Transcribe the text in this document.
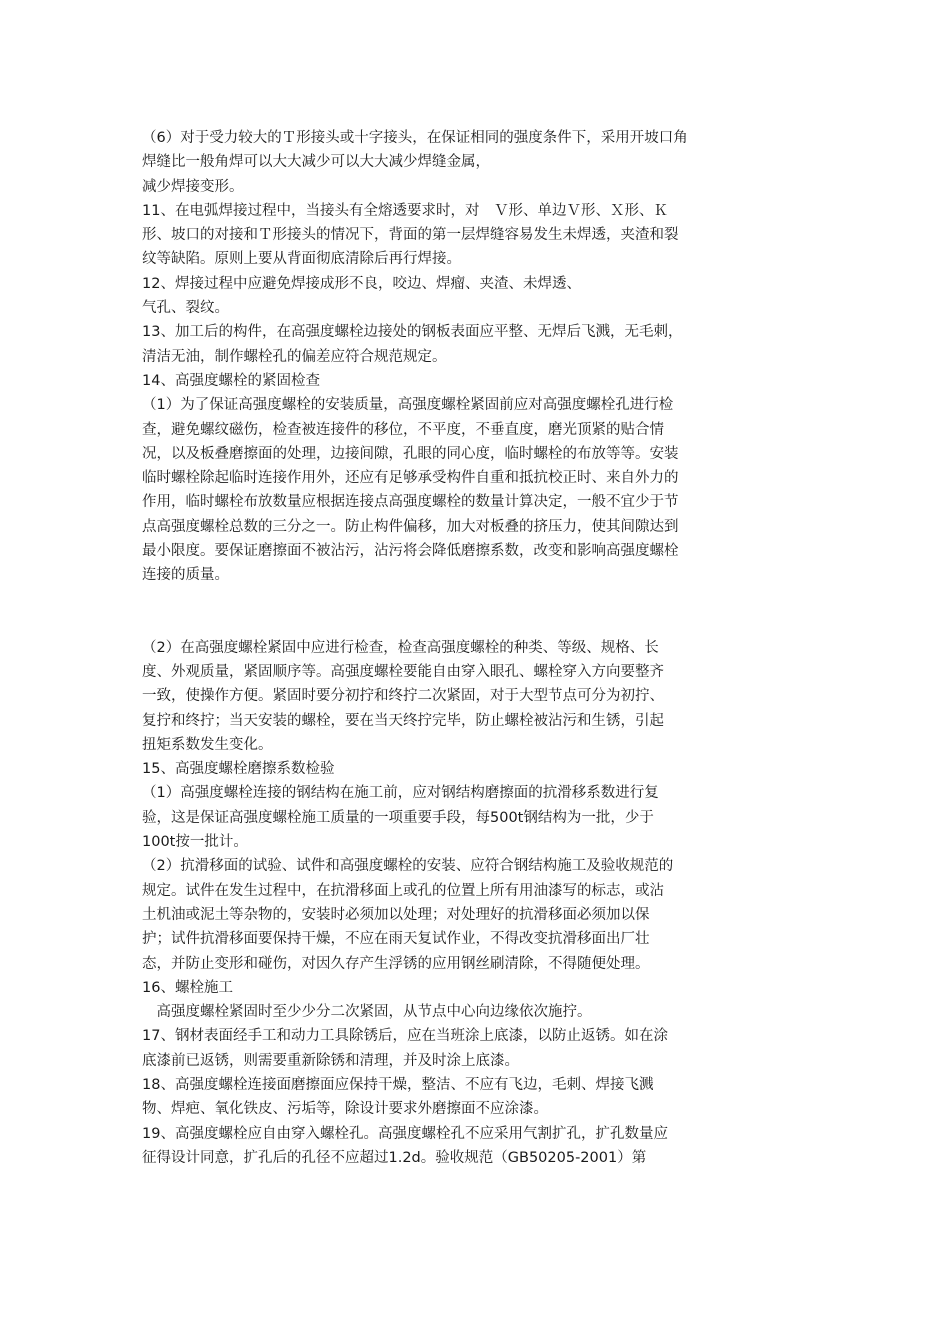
（6）对于受力较大的Ｔ形接头或十字接头，在保证相同的强度条件下，采用开坡口角
焊缝比一般角焊可以大大减少可以大大减少焊缝金属，
减少焊接变形。
11、在电弧焊接过程中，当接头有全熔透要求时，对　Ｖ形、单边Ｖ形、Ｘ形、Ｋ
形、坡口的对接和Ｔ形接头的情况下，背面的第一层焊缝容易发生未焊透，夹渣和裂
纹等缺陷。原则上要从背面彻底清除后再行焊接。
12、焊接过程中应避免焊接成形不良，咬边、焊瘤、夹渣、未焊透、
气孔、裂纹。
13、加工后的构件，在高强度螺栓边接处的钢板表面应平整、无焊后飞溅，无毛刺，
清洁无油，制作螺栓孔的偏差应符合规范规定。
14、高强度螺栓的紧固检查
（1）为了保证高强度螺栓的安装质量，高强度螺栓紧固前应对高强度螺栓孔进行检
查，避免螺纹磁伤，检查被连接件的移位，不平度，不垂直度，磨光顶紧的贴合情
况，以及板叠磨擦面的处理，边接间隙，孔眼的同心度，临时螺栓的布放等等。安装
临时螺栓除起临时连接作用外，还应有足够承受构件自重和抵抗校正时、来自外力的
作用，临时螺栓布放数量应根据连接点高强度螺栓的数量计算决定，一般不宜少于节
点高强度螺栓总数的三分之一。防止构件偏移，加大对板叠的挤压力，使其间隙达到
最小限度。要保证磨擦面不被沾污，沾污将会降低磨擦系数，改变和影响高强度螺栓
连接的质量。
（2）在高强度螺栓紧固中应进行检查，检查高强度螺栓的种类、等级、规格、长
度、外观质量，紧固顺序等。高强度螺栓要能自由穿入眼孔、螺栓穿入方向要整齐
一致，使操作方便。紧固时要分初拧和终拧二次紧固，对于大型节点可分为初拧、
复拧和终拧；当天安装的螺栓，要在当天终拧完毕，防止螺栓被沾污和生锈，引起
扭矩系数发生变化。
15、高强度螺栓磨擦系数检验
（1）高强度螺栓连接的钢结构在施工前，应对钢结构磨擦面的抗滑移系数进行复
验，这是保证高强度螺栓施工质量的一项重要手段，每500t钢结构为一批，少于
100t按一批计。
（2）抗滑移面的试验、试件和高强度螺栓的安装、应符合钢结构施工及验收规范的
规定。试件在发生过程中，在抗滑移面上或孔的位置上所有用油漆写的标志，或沾
土机油或泥土等杂物的，安装时必须加以处理；对处理好的抗滑移面必须加以保
护；试件抗滑移面要保持干燥，不应在雨天复试作业，不得改变抗滑移面出厂壮
态，并防止变形和碰伤，对因久存产生浮锈的应用钢丝刷清除，不得随便处理。
16、螺栓施工
　高强度螺栓紧固时至少少分二次紧固，从节点中心向边缘依次施拧。
17、钢材表面经手工和动力工具除锈后，应在当班涂上底漆，以防止返锈。如在涂
底漆前已返锈，则需要重新除锈和清理，并及时涂上底漆。
18、高强度螺栓连接面磨擦面应保持干燥，整洁、不应有飞边，毛刺、焊接飞溅
物、焊疤、氧化铁皮、污垢等，除设计要求外磨擦面不应涂漆。
19、高强度螺栓应自由穿入螺栓孔。高强度螺栓孔不应采用气割扩孔，扩孔数量应
征得设计同意，扩孔后的孔径不应超过1.2d。验收规范（GB50205-2001）第
